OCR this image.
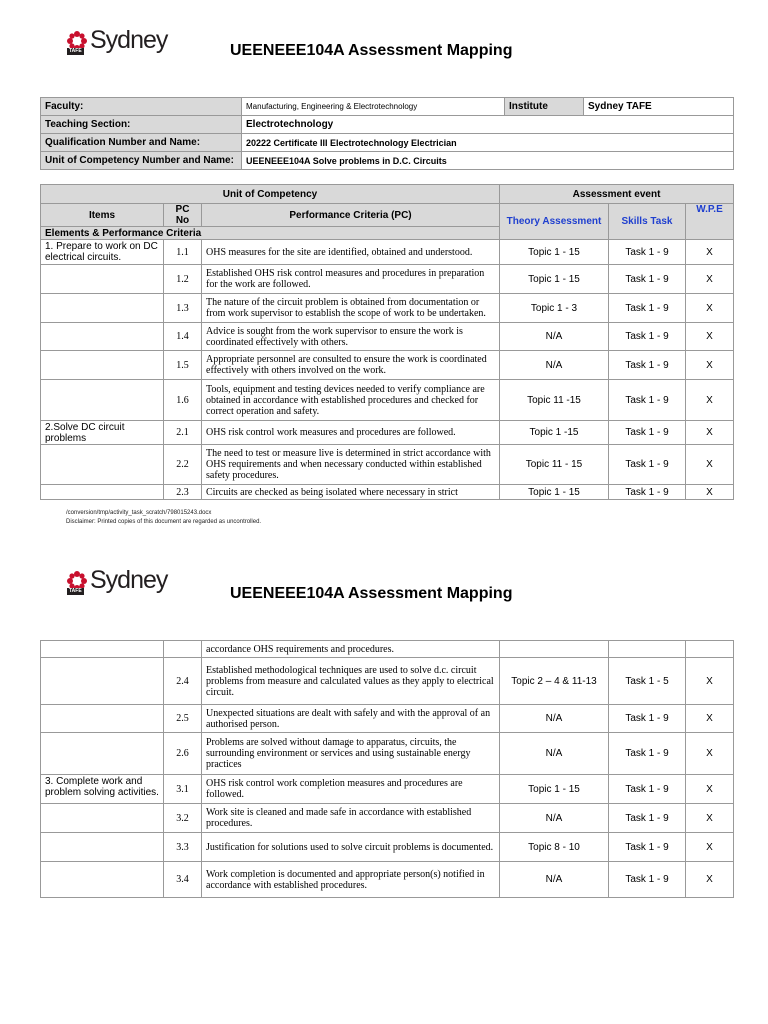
Sydney
TAFE	UEENEEE104A Assessment Mapping
Faculty:	Manufacturing, Engineering & Electrotechnology	Institute	Sydney TAFE
Teaching Section:	Electrotechnology		
Qualification Number and Name:	20222 Certificate III Electrotechnology Electrician		
Unit of Competency Number and Name:	UEENEEE104A Solve problems in D.C. Circuits		
Unit of Competency			Assessment event		
Items	PC No	Performance Criteria (PC)	Theory Assessment	Skills Task	W.P.E
Elements & Performance Criteria					
1. Prepare to work on DC electrical circuits.	1.1	OHS measures for the site are identified, obtained and understood.	Topic 1 - 15	Task 1 - 9	X
	1.2	Established OHS risk control measures and procedures in preparation for the work are followed.	Topic 1 - 15	Task 1 - 9	X
	1.3	The nature of the circuit problem is obtained from documentation or from work supervisor to establish the scope of work to be undertaken.	Topic 1 - 3	Task 1 - 9	X
	1.4	Advice is sought from the work supervisor to ensure the work is coordinated effectively with others.	N/A	Task 1 - 9	X
	1.5	Appropriate personnel are consulted to ensure the work is coordinated effectively with others involved on the work.	N/A	Task 1 - 9	X
	1.6	Tools, equipment and testing devices needed to verify compliance are obtained in accordance with established procedures and checked for correct operation and safety.	Topic 11 -15	Task 1 - 9	X
2.Solve DC circuit problems	2.1	OHS risk control work measures and procedures are followed.	Topic 1 -15	Task 1 - 9	X
	2.2	The need to test or measure live is determined in strict accordance with OHS requirements and when necessary conducted within established safety procedures.	Topic 11 - 15	Task 1 - 9	X
	2.3	Circuits are checked as being isolated where necessary in strict	Topic 1 - 15	Task 1 - 9	X
/conversion/tmp/activity_task_scratch/798015243.docx
Disclaimer: Printed copies of this document are regarded as uncontrolled.
Sydney
TAFE	UEENEEE104A Assessment Mapping
		accordance OHS requirements and procedures.			
	2.4	Established methodological techniques are used to solve d.c. circuit problems from measure and calculated values as they apply to electrical circuit.	Topic 2 – 4 & 11-13	Task 1 - 5	X
	2.5	Unexpected situations are dealt with safely and with the approval of an authorised person.	N/A	Task 1 - 9	X
	2.6	Problems are solved without damage to apparatus, circuits, the surrounding environment or services and using sustainable energy practices	N/A	Task 1 - 9	X
3. Complete work and problem solving activities.	3.1	OHS risk control work completion measures and procedures are followed.	Topic 1 - 15	Task 1 - 9	X
	3.2	Work site is cleaned and made safe in accordance with established procedures.	N/A	Task 1 - 9	X
	3.3	Justification for solutions used to solve circuit problems is documented.	Topic 8 - 10	Task 1 - 9	X
	3.4	Work completion is documented and appropriate person(s) notified in accordance with established procedures.	N/A	Task 1 - 9	X
